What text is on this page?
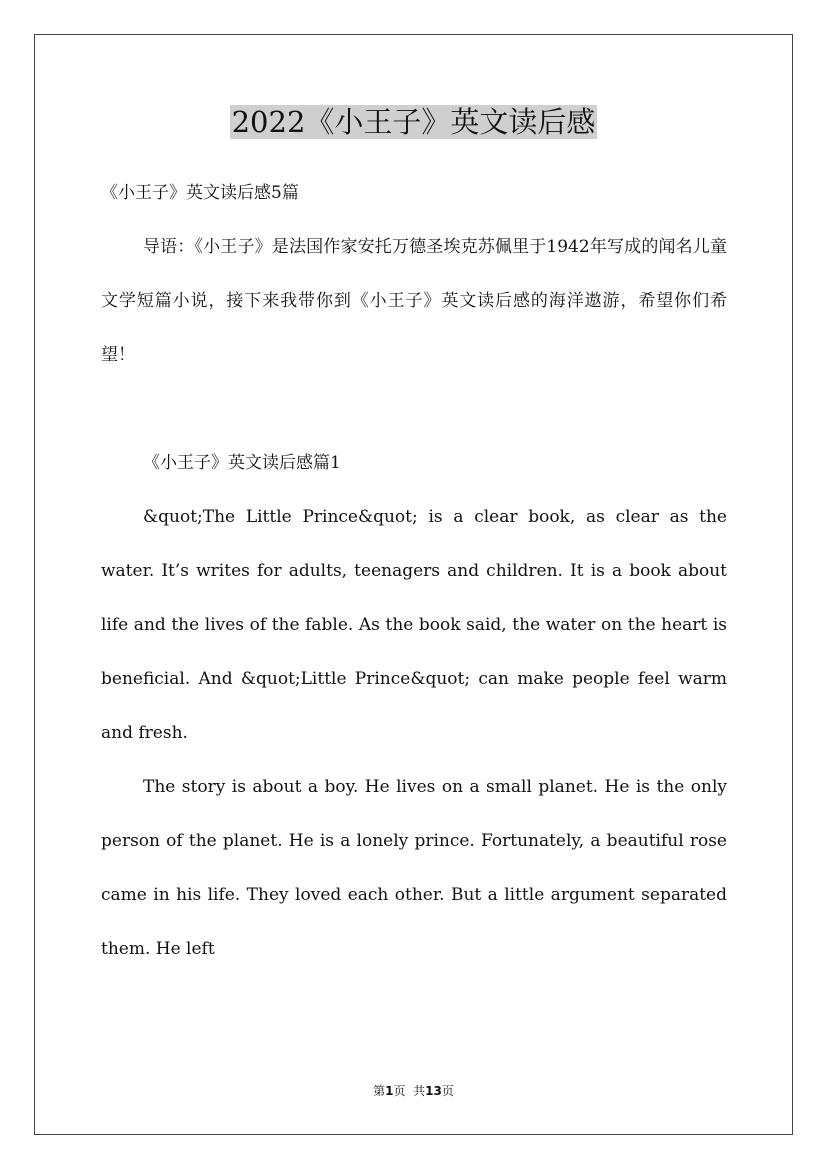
2022《小王子》英文读后感

《小王子》英文读后感5篇

导语：《小王子》是法国作家安托万德圣埃克苏佩里于1942年写成的闻名儿童文学短篇小说，接下来我带你到《小王子》英文读后感的海洋遨游，希望你们希望！

《小王子》英文读后感篇1

&quot;The Little Prince&quot; is a clear book, as clear as the water. It’s writes for adults, teenagers and children. It is a book about life and the lives of the fable. As the book said, the water on the heart is beneficial. And &quot;Little Prince&quot; can make people feel warm and fresh.

The story is about a boy. He lives on a small planet. He is the only person of the planet. He is a lonely prince. Fortunately, a beautiful rose came in his life. They loved each other. But a little argument separated them. He left

第1页 共13页
